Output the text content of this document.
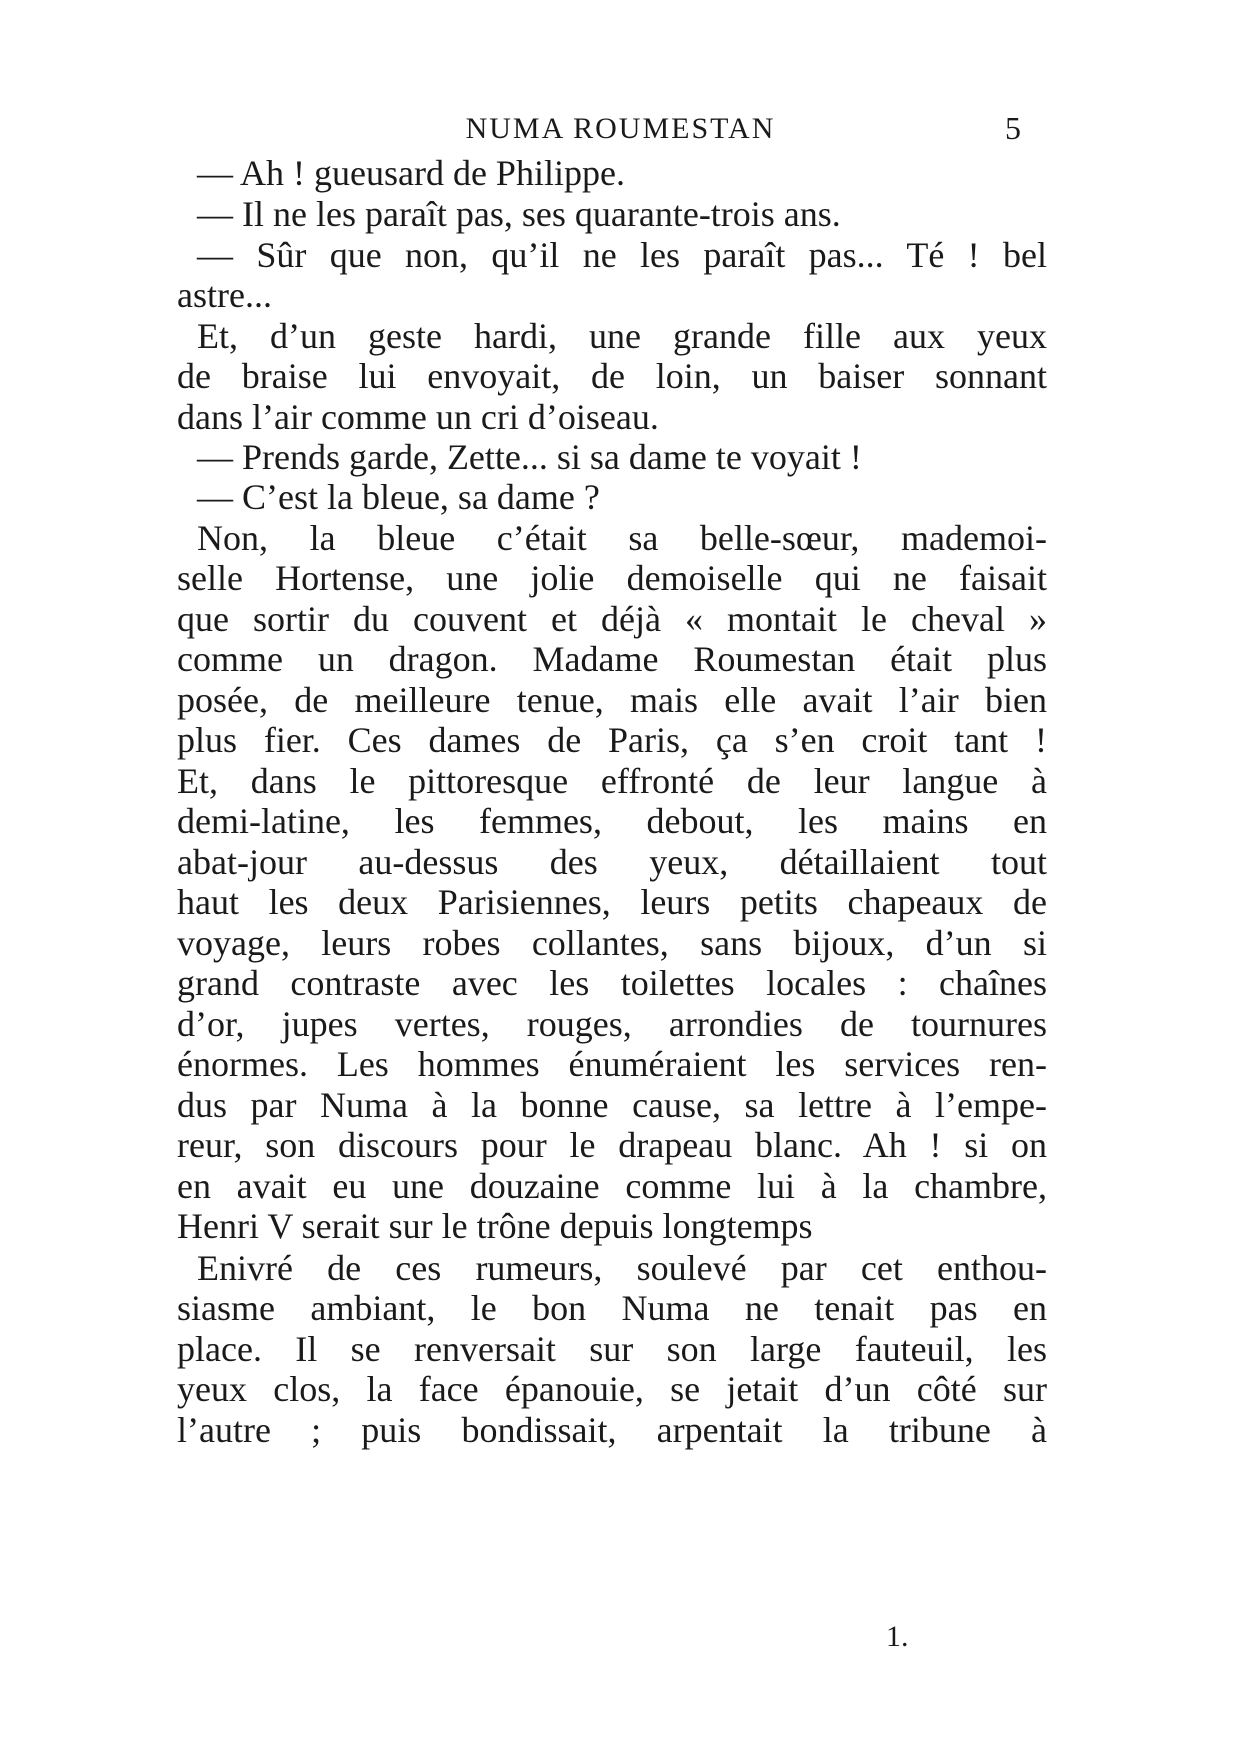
NUMA ROUMESTAN	5
— Ah ! gueusard de Philippe.
— Il ne les paraît pas, ses quarante-trois ans.
— Sûr que non, qu’il ne les paraît pas... Té ! bel
astre...
Et, d’un geste hardi, une grande fille aux yeux
de braise lui envoyait, de loin, un baiser sonnant
dans l’air comme un cri d’oiseau.
— Prends garde, Zette... si sa dame te voyait !
— C’est la bleue, sa dame ?
Non, la bleue c’était sa belle-sœur, mademoi-
selle Hortense, une jolie demoiselle qui ne faisait
que sortir du couvent et déjà « montait le cheval »
comme un dragon. Madame Roumestan était plus
posée, de meilleure tenue, mais elle avait l’air bien
plus fier. Ces dames de Paris, ça s’en croit tant !
Et, dans le pittoresque effronté de leur langue à
demi-latine, les femmes, debout, les mains en
abat-jour au-dessus des yeux, détaillaient tout
haut les deux Parisiennes, leurs petits chapeaux de
voyage, leurs robes collantes, sans bijoux, d’un si
grand contraste avec les toilettes locales : chaînes
d’or, jupes vertes, rouges, arrondies de tournures
énormes. Les hommes énuméraient les services ren-
dus par Numa à la bonne cause, sa lettre à l’empe-
reur, son discours pour le drapeau blanc. Ah ! si on
en avait eu une douzaine comme lui à la chambre,
Henri V serait sur le trône depuis longtemps
Enivré de ces rumeurs, soulevé par cet enthou-
siasme ambiant, le bon Numa ne tenait pas en
place. Il se renversait sur son large fauteuil, les
yeux clos, la face épanouie, se jetait d’un côté sur
l’autre ; puis bondissait, arpentait la tribune à
1.
